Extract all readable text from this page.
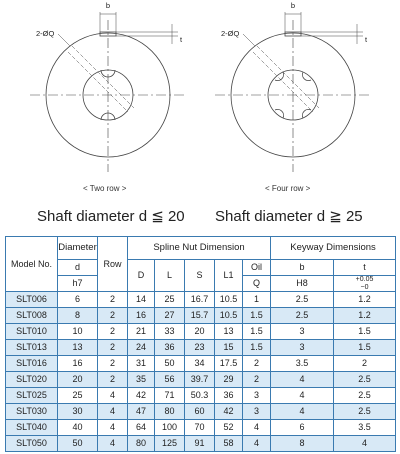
b
t
2-ØQ
b
t
2-ØQ
< Two row >	< Four row >
Shaft diameter d ≦ 20 Shaft diameter d ≧ 25
Model No.	Diameter	Row	Spline Nut Dimension					Keyway Dimensions	
	d		D	L	S	L1	Oil	b	t
	h7						Q	H8	+0.05
−0
SLT006	6	2	14	25	16.7	10.5	1	2.5	1.2
SLT008	8	2	16	27	15.7	10.5	1.5	2.5	1.2
SLT010	10	2	21	33	20	13	1.5	3	1.5
SLT013	13	2	24	36	23	15	1.5	3	1.5
SLT016	16	2	31	50	34	17.5	2	3.5	2
SLT020	20	2	35	56	39.7	29	2	4	2.5
SLT025	25	4	42	71	50.3	36	3	4	2.5
SLT030	30	4	47	80	60	42	3	4	2.5
SLT040	40	4	64	100	70	52	4	6	3.5
SLT050	50	4	80	125	91	58	4	8	4
